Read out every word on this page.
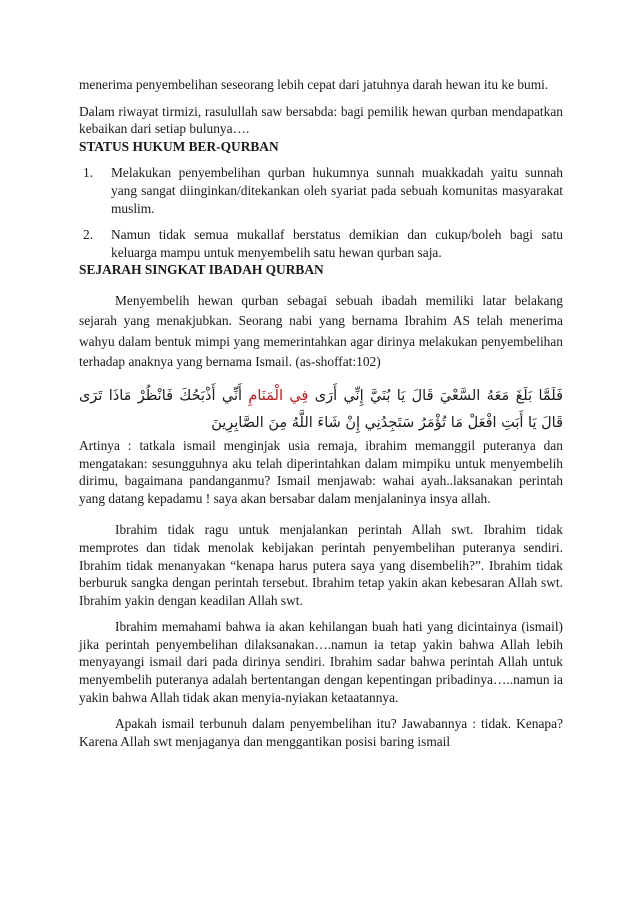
menerima penyembelihan seseorang lebih cepat dari jatuhnya darah hewan itu ke bumi.

Dalam riwayat tirmizi, rasulullah saw bersabda: bagi pemilik hewan qurban mendapatkan kebaikan dari setiap bulunya….

STATUS HUKUM BER-QURBAN

1. Melakukan penyembelihan qurban hukumnya sunnah muakkadah yaitu sunnah yang sangat diinginkan/ditekankan oleh syariat pada sebuah komunitas masyarakat muslim.
2. Namun tidak semua mukallaf berstatus demikian dan cukup/boleh bagi satu keluarga mampu untuk menyembelih satu hewan qurban saja.

SEJARAH SINGKAT IBADAH QURBAN

Menyembelih hewan qurban sebagai sebuah ibadah memiliki latar belakang sejarah yang menakjubkan. Seorang nabi yang bernama Ibrahim AS telah menerima wahyu dalam bentuk mimpi yang memerintahkan agar dirinya melakukan penyembelihan terhadap anaknya yang bernama Ismail. (as-shoffat:102)

فَلَمَّا بَلَغَ مَعَهُ السَّعْيَ قَالَ يَا بُنَيَّ إِنِّي أَرَى فِي الْمَنَامِ أَنِّي أَذْبَحُكَ فَانْظُرْ مَاذَا تَرَى قَالَ يَا أَبَتِ افْعَلْ مَا تُؤْمَرُ سَتَجِدُنِي إِنْ شَاءَ اللَّهُ مِنَ الصَّابِرِينَ

Artinya : tatkala ismail menginjak usia remaja, ibrahim memanggil puteranya dan mengatakan: sesungguhnya aku telah diperintahkan dalam mimpiku untuk menyembelih dirimu, bagaimana pandanganmu? Ismail menjawab: wahai ayah..laksanakan perintah yang datang kepadamu ! saya akan bersabar dalam menjalaninya insya allah.

Ibrahim tidak ragu untuk menjalankan perintah Allah swt. Ibrahim tidak memprotes dan tidak menolak kebijakan perintah penyembelihan puteranya sendiri. Ibrahim tidak menanyakan “kenapa harus putera saya yang disembelih?”. Ibrahim tidak berburuk sangka dengan perintah tersebut. Ibrahim tetap yakin akan kebesaran Allah swt. Ibrahim yakin dengan keadilan Allah swt.

Ibrahim memahami bahwa ia akan kehilangan buah hati yang dicintainya (ismail) jika perintah penyembelihan dilaksanakan….namun ia tetap yakin bahwa Allah lebih menyayangi ismail dari pada dirinya sendiri. Ibrahim sadar bahwa perintah Allah untuk menyembelih puteranya adalah bertentangan dengan kepentingan pribadinya…..namun ia yakin bahwa Allah tidak akan menyia-nyiakan ketaatannya.

Apakah ismail terbunuh dalam penyembelihan itu? Jawabannya : tidak. Kenapa? Karena Allah swt menjaganya dan menggantikan posisi baring ismail
